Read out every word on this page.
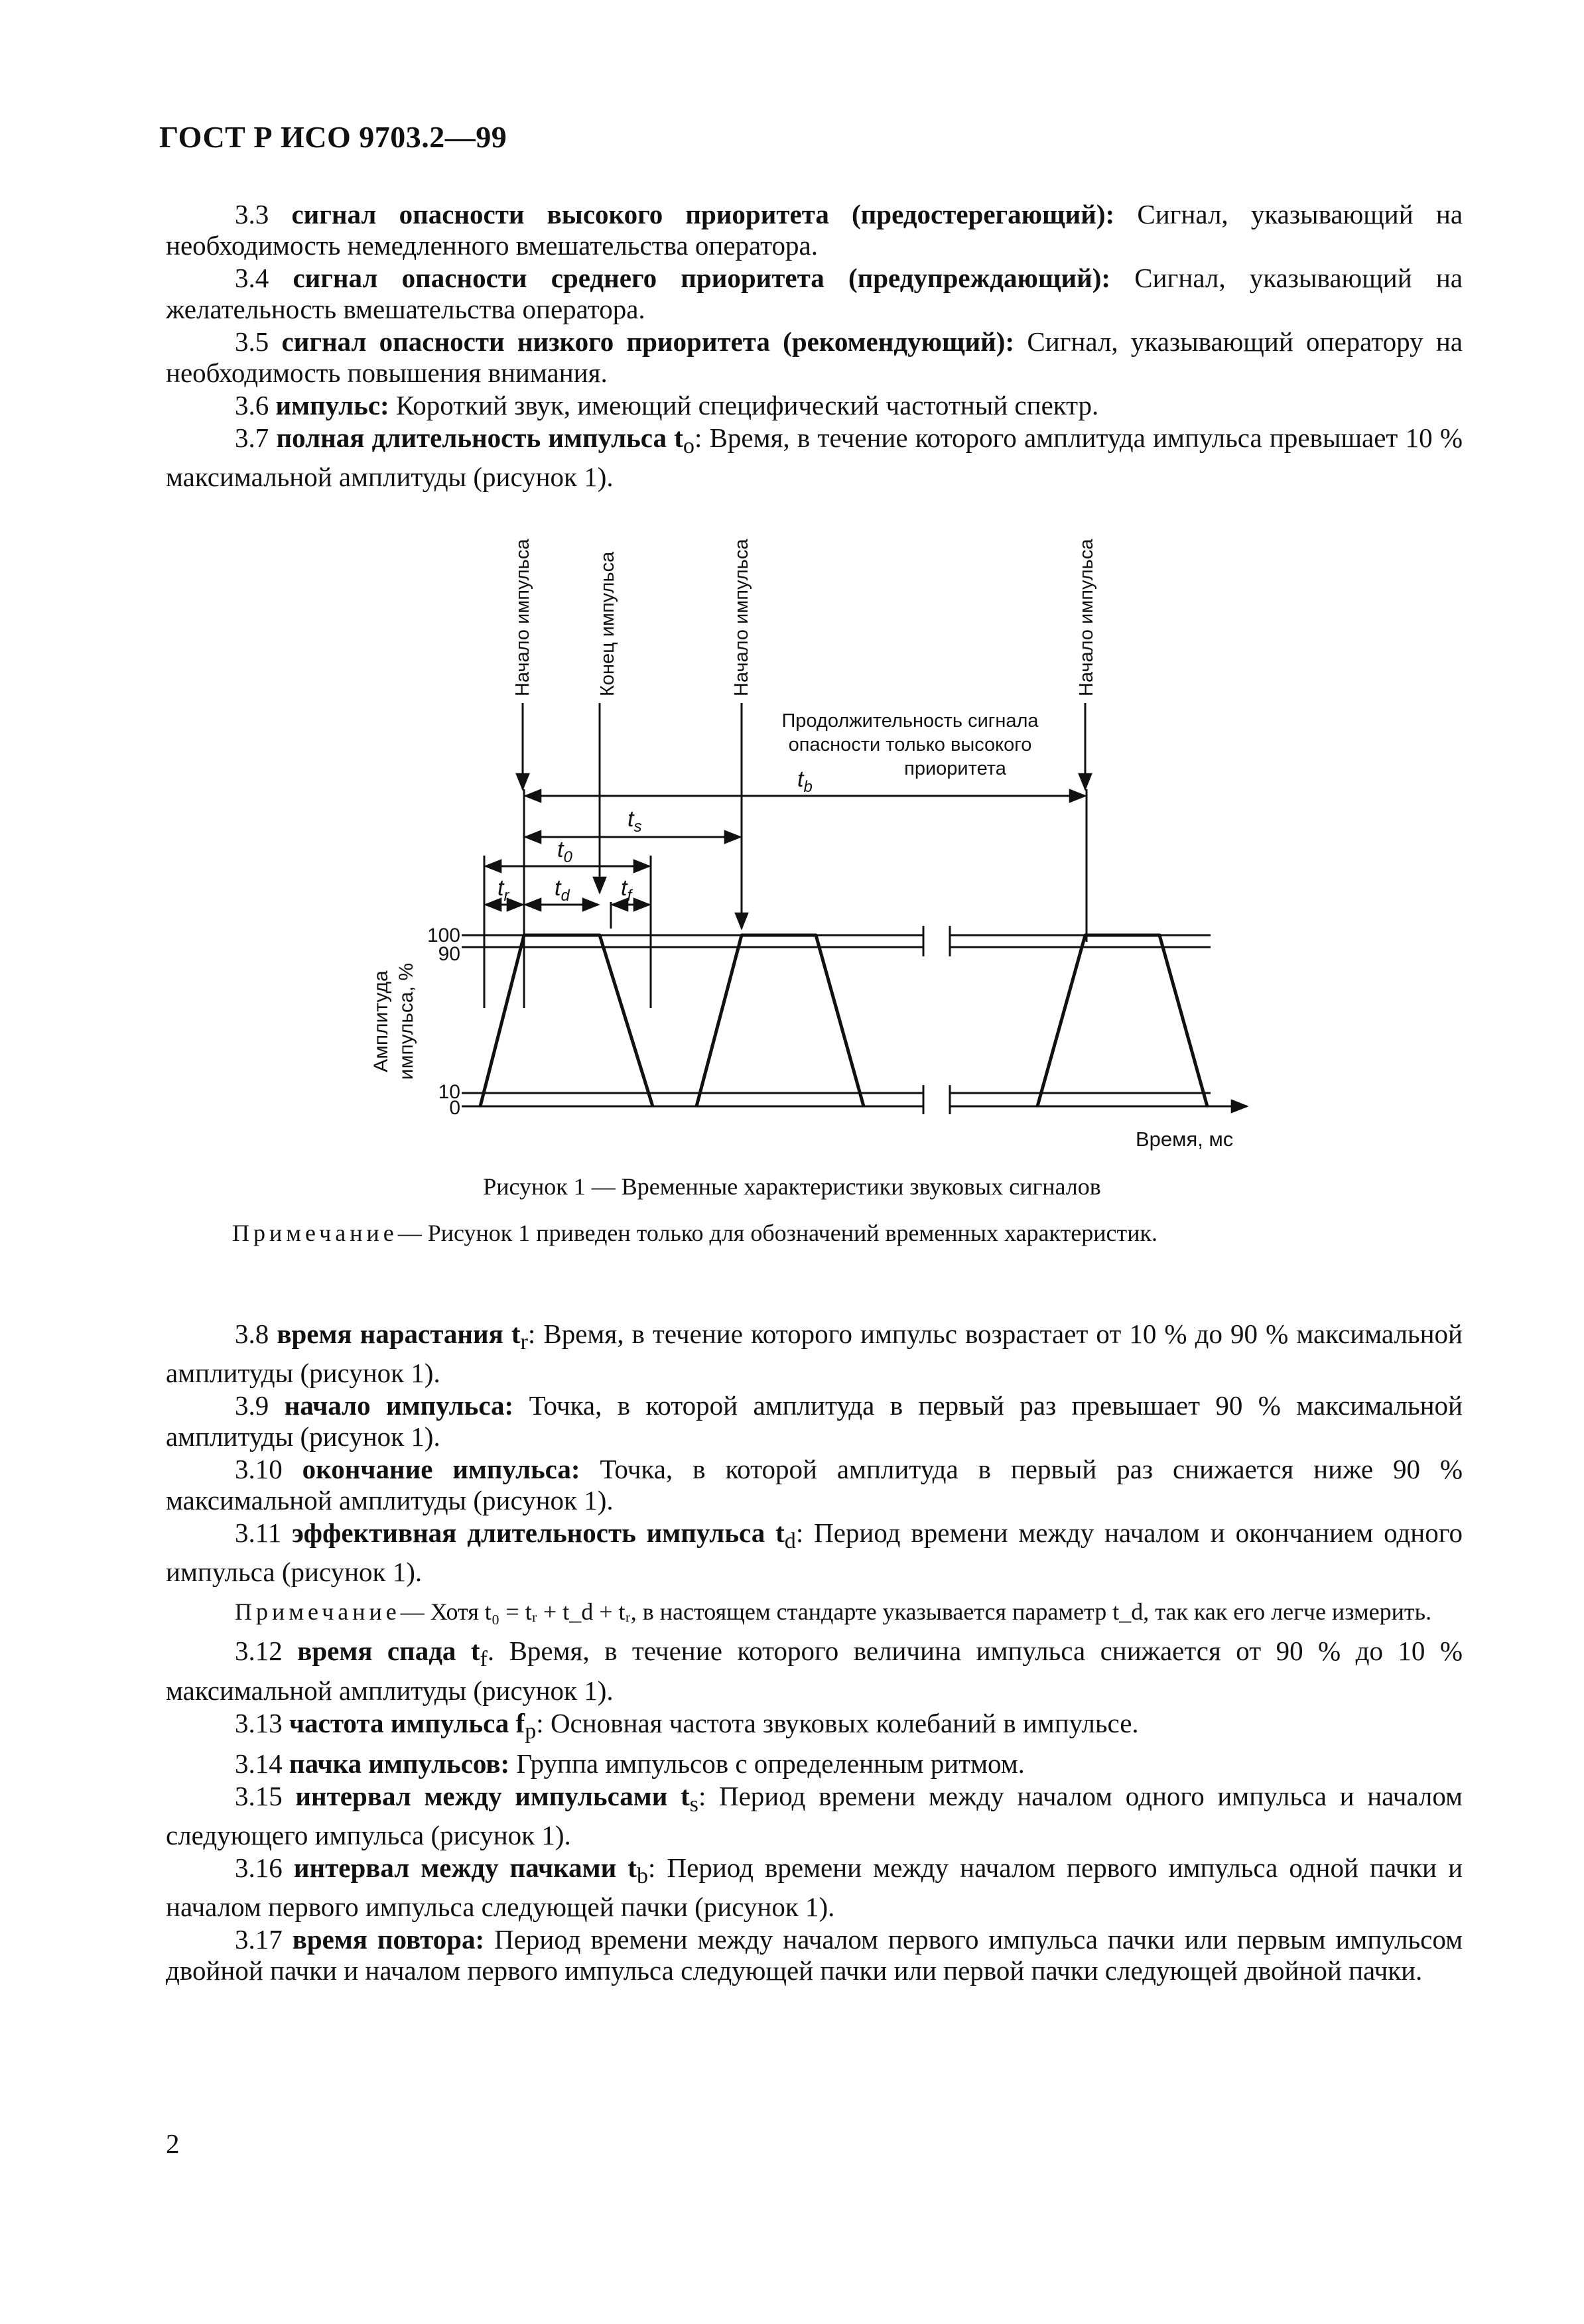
ГОСТ Р ИСО 9703.2—99

3.3 сигнал опасности высокого приоритета (предостерегающий): Сигнал, указывающий на необходимость немедленного вмешательства оператора.

3.4 сигнал опасности среднего приоритета (предупреждающий): Сигнал, указывающий на желательность вмешательства оператора.

3.5 сигнал опасности низкого приоритета (рекомендующий): Сигнал, указывающий оператору на необходимость повышения внимания.

3.6 импульс: Короткий звук, имеющий специфический частотный спектр.

3.7 полная длительность импульса $t_o$: Время, в течение которого амплитуда импульса превышает 10 % максимальной амплитуды (рисунок 1).

Начало импульса	Конец импульса	Начало импульса	Начало импульса
Продолжительность сигнала
опасности только высокого
приоритета
$t_b$
$t_s$
$t_0$
$t_r$ $t_d$ $t_f$
100
90
10
0
Амплитуда импульса, %
Время, мс
Рисунок 1 — Временные характеристики звуковых сигналов
Примечание— Рисунок 1 приведен только для обозначений временных характеристик.

3.8 время нарастания $t_r$: Время, в течение которого импульс возрастает от 10 % до 90 % максимальной амплитуды (рисунок 1).

3.9 начало импульса: Точка, в которой амплитуда в первый раз превышает 90 % максимальной амплитуды (рисунок 1).

3.10 окончание импульса: Точка, в которой амплитуда в первый раз снижается ниже 90 % максимальной амплитуды (рисунок 1).

3.11 эффективная длительность импульса $t_d$: Период времени между началом и окончанием одного импульса (рисунок 1).

Примечание— Хотя t₀ = tᵣ + t_d + tᵣ, в настоящем стандарте указывается параметр t_d, так как его легче измерить.

3.12 время спада $t_f$. Время, в течение которого величина импульса снижается от 90 % до 10 % максимальной амплитуды (рисунок 1).

3.13 частота импульса $f_p$: Основная частота звуковых колебаний в импульсе.

3.14 пачка импульсов: Группа импульсов с определенным ритмом.

3.15 интервал между импульсами $t_s$: Период времени между началом одного импульса и началом следующего импульса (рисунок 1).

3.16 интервал между пачками $t_b$: Период времени между началом первого импульса одной пачки и началом первого импульса следующей пачки (рисунок 1).

3.17 время повтора: Период времени между началом первого импульса пачки или первым импульсом двойной пачки и началом первого импульса следующей пачки или первой пачки следующей двойной пачки.

2
